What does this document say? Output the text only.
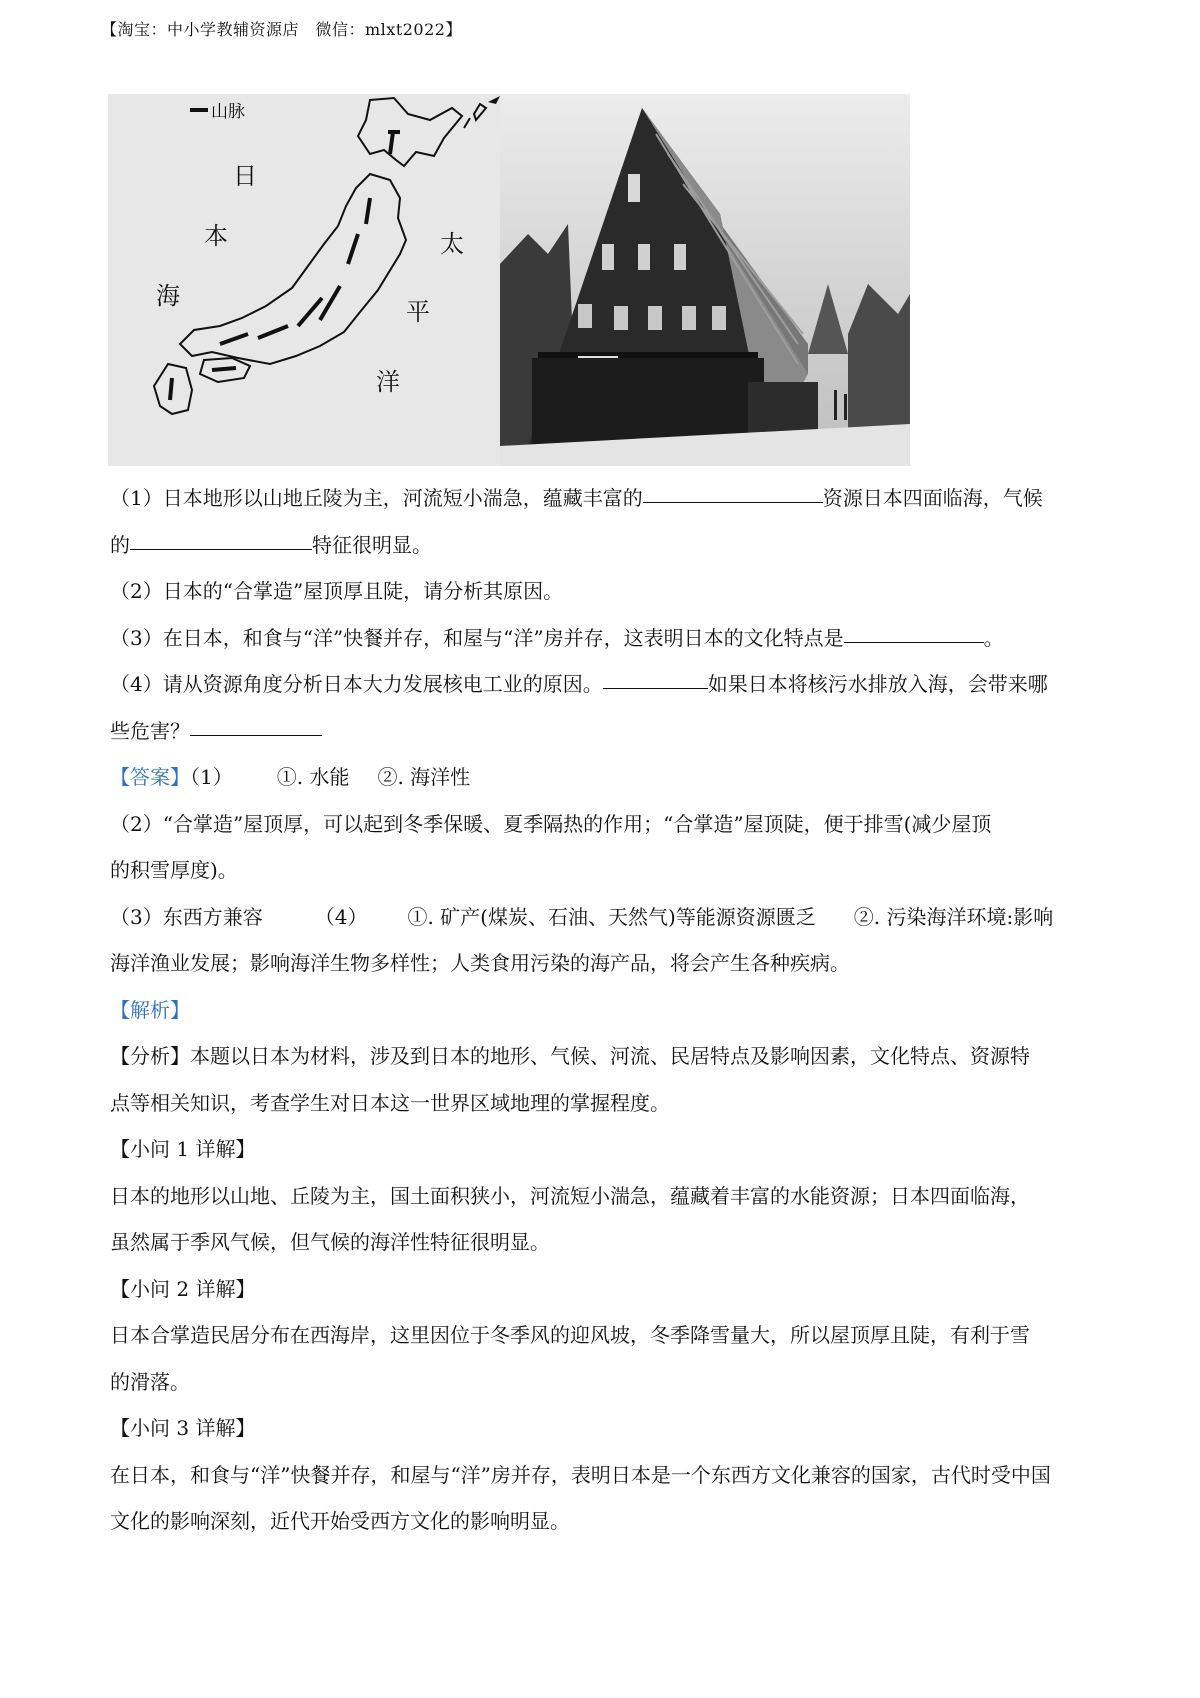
【淘宝：中小学教辅资源店　微信：mlxt2022】
山脉
日
本
海
太
平
洋
（1）日本地形以山地丘陵为主，河流短小湍急，蕴藏丰富的	资源日本四面临海，气候
的	特征很明显。
（2）日本的“合掌造”屋顶厚且陡，请分析其原因。
（3）在日本，和食与“洋”快餐并存，和屋与“洋”房并存，这表明日本的文化特点是	。
（4）请从资源角度分析日本大力发展核电工业的原因。	如果日本将核污水排放入海，会带来哪
些危害？
【答案】（1） ①. 水能 ②. 海洋性
（2）“合掌造”屋顶厚，可以起到冬季保暖、夏季隔热的作用；“合掌造”屋顶陡，便于排雪(减少屋顶
的积雪厚度)。
（3）东西方兼容	（4） ①. 矿产(煤炭、石油、天然气)等能源资源匮乏 ②. 污染海洋环境:影响
海洋渔业发展；影响海洋生物多样性；人类食用污染的海产品，将会产生各种疾病。
【解析】
【分析】本题以日本为材料，涉及到日本的地形、气候、河流、民居特点及影响因素，文化特点、资源特
点等相关知识，考查学生对日本这一世界区域地理的掌握程度。
【小问 1 详解】
日本的地形以山地、丘陵为主，国土面积狭小，河流短小湍急，蕴藏着丰富的水能资源；日本四面临海，
虽然属于季风气候，但气候的海洋性特征很明显。
【小问 2 详解】
日本合掌造民居分布在西海岸，这里因位于冬季风的迎风坡，冬季降雪量大，所以屋顶厚且陡，有利于雪
的滑落。
【小问 3 详解】
在日本，和食与“洋”快餐并存，和屋与“洋”房并存，表明日本是一个东西方文化兼容的国家，古代时受中国
文化的影响深刻，近代开始受西方文化的影响明显。
